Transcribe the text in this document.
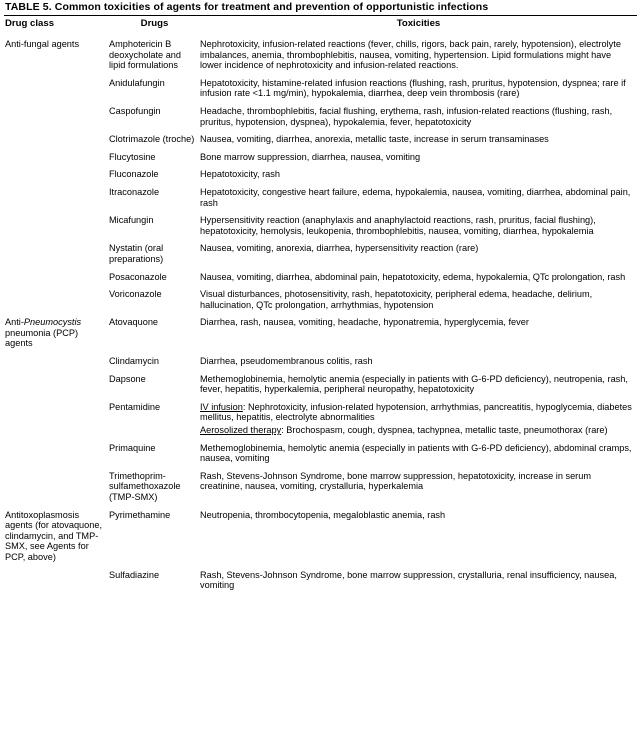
TABLE 5. Common toxicities of agents for treatment and prevention of opportunistic infections
Drug class	Drugs	Toxicities
Anti-fungal agents	Amphotericin B deoxycholate and lipid formulations	Nephrotoxicity, infusion-related reactions (fever, chills, rigors, back pain, rarely, hypotension), electrolyte imbalances, anemia, thrombophlebitis, nausea, vomiting, hypertension. Lipid formulations might have lower incidence of nephrotoxicity and infusion-related reactions.
	Anidulafungin	Hepatotoxicity, histamine-related infusion reactions (flushing, rash, pruritus, hypotension, dyspnea; rare if infusion rate <1.1 mg/min), hypokalemia, diarrhea, deep vein thrombosis (rare)
	Caspofungin	Headache, thrombophlebitis, facial flushing, erythema, rash, infusion-related reactions (flushing, rash, pruritus, hypotension, dyspnea), hypokalemia, fever, hepatotoxicity
	Clotrimazole (troche)	Nausea, vomiting, diarrhea, anorexia, metallic taste, increase in serum transaminases
	Flucytosine	Bone marrow suppression, diarrhea, nausea, vomiting
	Fluconazole	Hepatotoxicity, rash
	Itraconazole	Hepatotoxicity, congestive heart failure, edema, hypokalemia, nausea, vomiting, diarrhea, abdominal pain, rash
	Micafungin	Hypersensitivity reaction (anaphylaxis and anaphylactoid reactions, rash, pruritus, facial flushing), hepatotoxicity, hemolysis, leukopenia, thrombophlebitis, nausea, vomiting, diarrhea, hypokalemia
	Nystatin (oral preparations)	Nausea, vomiting, anorexia, diarrhea, hypersensitivity reaction (rare)
	Posaconazole	Nausea, vomiting, diarrhea, abdominal pain, hepatotoxicity, edema, hypokalemia, QTc prolongation, rash
	Voriconazole	Visual disturbances, photosensitivity, rash, hepatotoxicity, peripheral edema, headache, delirium, hallucination, QTc prolongation, arrhythmias, hypotension
Anti-Pneumocystis pneumonia (PCP) agents	Atovaquone	Diarrhea, rash, nausea, vomiting, headache, hyponatremia, hyperglycemia, fever
	Clindamycin	Diarrhea, pseudomembranous colitis, rash
	Dapsone	Methemoglobinemia, hemolytic anemia (especially in patients with G-6-PD deficiency), neutropenia, rash, fever, hepatitis, hyperkalemia, peripheral neuropathy, hepatotoxicity
	Pentamidine	IV infusion: Nephrotoxicity, infusion-related hypotension, arrhythmias, pancreatitis, hypoglycemia, diabetes mellitus, hepatitis, electrolyte abnormalities

Aerosolized therapy: Brochospasm, cough, dyspnea, tachypnea, metallic taste, pneumothorax (rare)

	Primaquine	Methemoglobinemia, hemolytic anemia (especially in patients with G-6-PD deficiency), abdominal cramps, nausea, vomiting
	Trimethoprim-sulfamethoxazole (TMP-SMX)	Rash, Stevens-Johnson Syndrome, bone marrow suppression, hepatotoxicity, increase in serum creatinine, nausea, vomiting, crystalluria, hyperkalemia
Antitoxoplasmosis agents (for atovaquone, clindamycin, and TMP-SMX, see Agents for PCP, above)	Pyrimethamine	Neutropenia, thrombocytopenia, megaloblastic anemia, rash
	Sulfadiazine	Rash, Stevens-Johnson Syndrome, bone marrow suppression, crystalluria, renal insufficiency, nausea, vomiting
